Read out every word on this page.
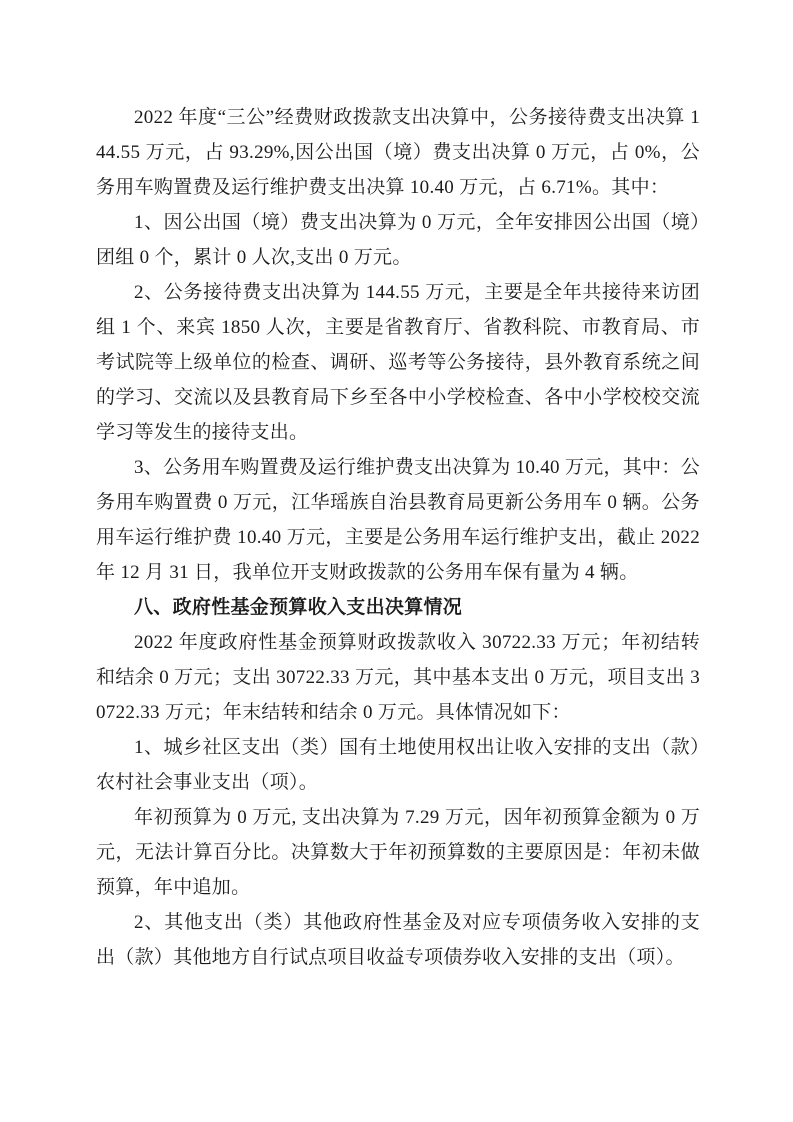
2022 年度“三公”经费财政拨款支出决算中，公务接待费支出决算 144.55 万元，占 93.29%,因公出国（境）费支出决算 0 万元，占 0%，公务用车购置费及运行维护费支出决算 10.40 万元，占 6.71%。其中：

1、因公出国（境）费支出决算为 0 万元，全年安排因公出国（境）团组 0 个，累计 0 人次,支出 0 万元。

2、公务接待费支出决算为 144.55 万元，主要是全年共接待来访团组 1 个、来宾 1850 人次，主要是省教育厅、省教科院、市教育局、市考试院等上级单位的检查、调研、巡考等公务接待，县外教育系统之间的学习、交流以及县教育局下乡至各中小学校检查、各中小学校校交流学习等发生的接待支出。

3、公务用车购置费及运行维护费支出决算为 10.40 万元，其中：公务用车购置费 0 万元，江华瑶族自治县教育局更新公务用车 0 辆。公务用车运行维护费 10.40 万元，主要是公务用车运行维护支出，截止 2022 年 12 月 31 日，我单位开支财政拨款的公务用车保有量为 4 辆。

八、政府性基金预算收入支出决算情况

2022 年度政府性基金预算财政拨款收入 30722.33 万元；年初结转和结余 0 万元；支出 30722.33 万元，其中基本支出 0 万元，项目支出 30722.33 万元；年末结转和结余 0 万元。具体情况如下：

1、城乡社区支出（类）国有土地使用权出让收入安排的支出（款）农村社会事业支出（项）。

年初预算为 0 万元, 支出决算为 7.29 万元，因年初预算金额为 0 万元，无法计算百分比。决算数大于年初预算数的主要原因是：年初未做预算，年中追加。

2、其他支出（类）其他政府性基金及对应专项债务收入安排的支出（款）其他地方自行试点项目收益专项债券收入安排的支出（项）。
